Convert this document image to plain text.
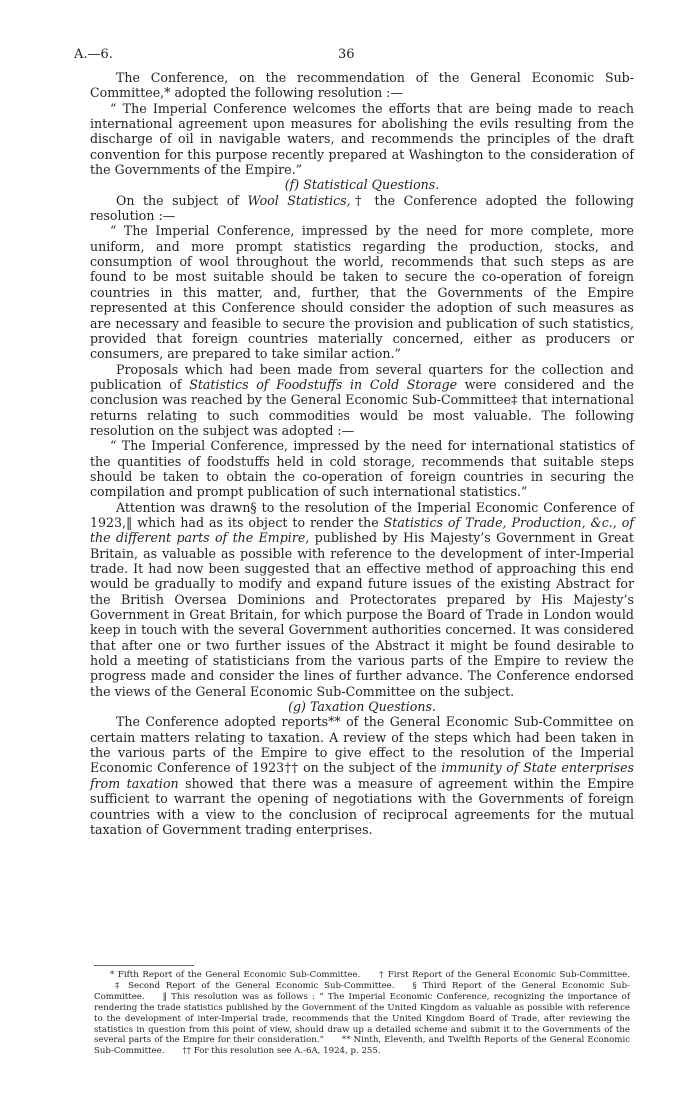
A.—6.	36

The Conference, on the recommendation of the General Economic Sub-Committee,* adopted the following resolution :—

“ The Imperial Conference welcomes the efforts that are being made to reach international agreement upon measures for abolishing the evils resulting from the discharge of oil in navigable waters, and recommends the principles of the draft convention for this purpose recently prepared at Washington to the consideration of the Governments of the Empire.”

(f) Statistical Questions.

On the subject of Wool Statistics,† the Conference adopted the following resolution :—

“ The Imperial Conference, impressed by the need for more complete, more uniform, and more prompt statistics regarding the production, stocks, and consumption of wool throughout the world, recommends that such steps as are found to be most suitable should be taken to secure the co-operation of foreign countries in this matter, and, further, that the Governments of the Empire represented at this Conference should consider the adoption of such measures as are necessary and feasible to secure the provision and publication of such statistics, provided that foreign countries materially concerned, either as producers or consumers, are prepared to take similar action.”

Proposals which had been made from several quarters for the collection and publication of Statistics of Foodstuffs in Cold Storage were considered and the conclusion was reached by the General Economic Sub-Committee‡ that international returns relating to such commodities would be most valuable. The following resolution on the subject was adopted :—

“ The Imperial Conference, impressed by the need for international statistics of the quantities of foodstuffs held in cold storage, recommends that suitable steps should be taken to obtain the co-operation of foreign countries in securing the compilation and prompt publication of such international statistics.”

Attention was drawn§ to the resolution of the Imperial Economic Conference of 1923,‖ which had as its object to render the Statistics of Trade, Production, &c., of the different parts of the Empire, published by His Majesty’s Government in Great Britain, as valuable as possible with reference to the development of inter-Imperial trade. It had now been suggested that an effective method of approaching this end would be gradually to modify and expand future issues of the existing Abstract for the British Oversea Dominions and Protectorates prepared by His Majesty’s Government in Great Britain, for which purpose the Board of Trade in London would keep in touch with the several Government authorities concerned. It was considered that after one or two further issues of the Abstract it might be found desirable to hold a meeting of statisticians from the various parts of the Empire to review the progress made and consider the lines of further advance. The Conference endorsed the views of the General Economic Sub-Committee on the subject.

(g) Taxation Questions.

The Conference adopted reports** of the General Economic Sub-Committee on certain matters relating to taxation. A review of the steps which had been taken in the various parts of the Empire to give effect to the resolution of the Imperial Economic Conference of 1923†† on the subject of the immunity of State enterprises from taxation showed that there was a measure of agreement within the Empire sufficient to warrant the opening of negotiations with the Governments of foreign countries with a view to the conclusion of reciprocal agreements for the mutual taxation of Government trading enterprises.

* Fifth Report of the General Economic Sub-Committee. † First Report of the General Economic Sub-Committee.‡ Second Report of the General Economic Sub-Committee. § Third Report of the General Economic Sub-Committee. ‖ This resolution was as follows : “ The Imperial Economic Conference, recognizing the importance of rendering the trade statistics published by the Government of the United Kingdom as valuable as possible with reference to the development of inter-Imperial trade, recommends that the United Kingdom Board of Trade, after reviewing the statistics in question from this point of view, should draw up a detailed scheme and submit it to the Governments of the several parts of the Empire for their consideration.” ** Ninth, Eleventh, and Twelfth Reports of the General Economic Sub-Committee. †† For this resolution see A.-6A, 1924, p. 255.
